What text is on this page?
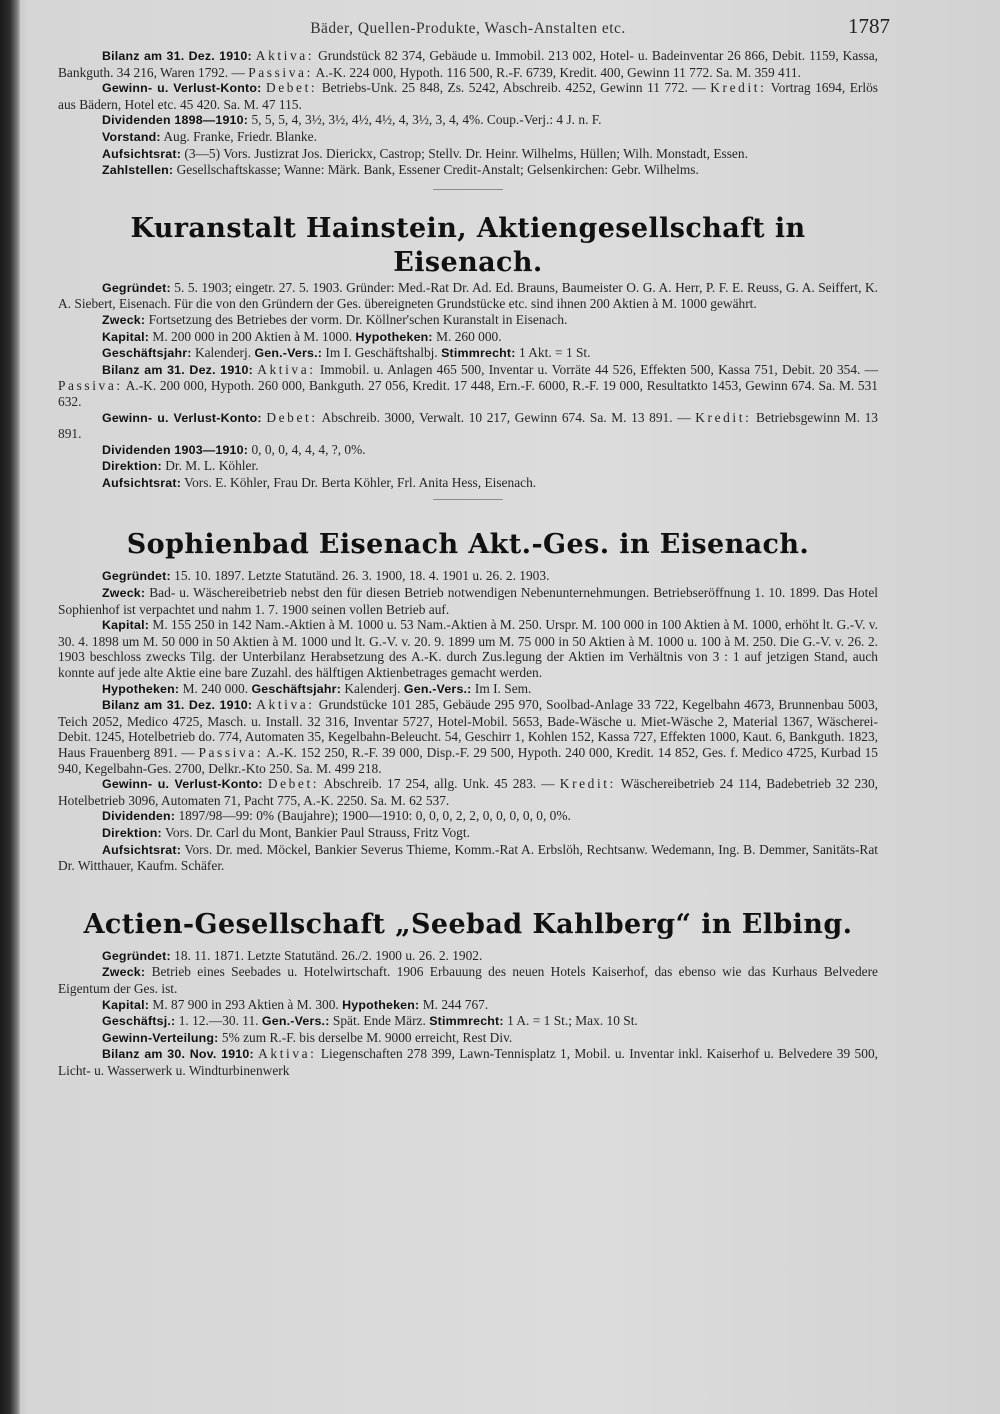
Bäder, Quellen-Produkte, Wasch-Anstalten etc.	1787

Bilanz am 31. Dez. 1910: Aktiva: Grundstück 82 374, Gebäude u. Immobil. 213 002, Hotel- u. Badeinventar 26 866, Debit. 1159, Kassa, Bankguth. 34 216, Waren 1792. — Passiva: A.-K. 224 000, Hypoth. 116 500, R.-F. 6739, Kredit. 400, Gewinn 11 772. Sa. M. 359 411.

Gewinn- u. Verlust-Konto: Debet: Betriebs-Unk. 25 848, Zs. 5242, Abschreib. 4252, Gewinn 11 772. — Kredit: Vortrag 1694, Erlös aus Bädern, Hotel etc. 45 420. Sa. M. 47 115.

Dividenden 1898—1910: 5, 5, 5, 4, 3½, 3½, 4½, 4½, 4, 3½, 3, 4, 4%. Coup.-Verj.: 4 J. n. F.

Vorstand: Aug. Franke, Friedr. Blanke.

Aufsichtsrat: (3—5) Vors. Justizrat Jos. Dierickx, Castrop; Stellv. Dr. Heinr. Wilhelms, Hüllen; Wilh. Monstadt, Essen.

Zahlstellen: Gesellschaftskasse; Wanne: Märk. Bank, Essener Credit-Anstalt; Gelsenkirchen: Gebr. Wilhelms.

Kuranstalt Hainstein, Aktiengesellschaft in Eisenach.

Gegründet: 5. 5. 1903; eingetr. 27. 5. 1903. Gründer: Med.-Rat Dr. Ad. Ed. Brauns, Baumeister O. G. A. Herr, P. F. E. Reuss, G. A. Seiffert, K. A. Siebert, Eisenach. Für die von den Gründern der Ges. übereigneten Grundstücke etc. sind ihnen 200 Aktien à M. 1000 gewährt.

Zweck: Fortsetzung des Betriebes der vorm. Dr. Köllner'schen Kuranstalt in Eisenach.

Kapital: M. 200 000 in 200 Aktien à M. 1000. Hypotheken: M. 260 000.

Geschäftsjahr: Kalenderj. Gen.-Vers.: Im I. Geschäftshalbj. Stimmrecht: 1 Akt. = 1 St.

Bilanz am 31. Dez. 1910: Aktiva: Immobil. u. Anlagen 465 500, Inventar u. Vorräte 44 526, Effekten 500, Kassa 751, Debit. 20 354. — Passiva: A.-K. 200 000, Hypoth. 260 000, Bankguth. 27 056, Kredit. 17 448, Ern.-F. 6000, R.-F. 19 000, Resultatkto 1453, Gewinn 674. Sa. M. 531 632.

Gewinn- u. Verlust-Konto: Debet: Abschreib. 3000, Verwalt. 10 217, Gewinn 674. Sa. M. 13 891. — Kredit: Betriebsgewinn M. 13 891.

Dividenden 1903—1910: 0, 0, 0, 4, 4, 4, ?, 0%.

Direktion: Dr. M. L. Köhler.

Aufsichtsrat: Vors. E. Köhler, Frau Dr. Berta Köhler, Frl. Anita Hess, Eisenach.

Sophienbad Eisenach Akt.-Ges. in Eisenach.

Gegründet: 15. 10. 1897. Letzte Statutänd. 26. 3. 1900, 18. 4. 1901 u. 26. 2. 1903.

Zweck: Bad- u. Wäschereibetrieb nebst den für diesen Betrieb notwendigen Nebenunternehmungen. Betriebseröffnung 1. 10. 1899. Das Hotel Sophienhof ist verpachtet und nahm 1. 7. 1900 seinen vollen Betrieb auf.

Kapital: M. 155 250 in 142 Nam.-Aktien à M. 1000 u. 53 Nam.-Aktien à M. 250. Urspr. M. 100 000 in 100 Aktien à M. 1000, erhöht lt. G.-V. v. 30. 4. 1898 um M. 50 000 in 50 Aktien à M. 1000 und lt. G.-V. v. 20. 9. 1899 um M. 75 000 in 50 Aktien à M. 1000 u. 100 à M. 250. Die G.-V. v. 26. 2. 1903 beschloss zwecks Tilg. der Unterbilanz Herabsetzung des A.-K. durch Zus.legung der Aktien im Verhältnis von 3 : 1 auf jetzigen Stand, auch konnte auf jede alte Aktie eine bare Zuzahl. des hälftigen Aktienbetrages gemacht werden.

Hypotheken: M. 240 000. Geschäftsjahr: Kalenderj. Gen.-Vers.: Im I. Sem.

Bilanz am 31. Dez. 1910: Aktiva: Grundstücke 101 285, Gebäude 295 970, Soolbad-Anlage 33 722, Kegelbahn 4673, Brunnenbau 5003, Teich 2052, Medico 4725, Masch. u. Install. 32 316, Inventar 5727, Hotel-Mobil. 5653, Bade-Wäsche u. Miet-Wäsche 2, Material 1367, Wäscherei-Debit. 1245, Hotelbetrieb do. 774, Automaten 35, Kegelbahn-Beleucht. 54, Geschirr 1, Kohlen 152, Kassa 727, Effekten 1000, Kaut. 6, Bankguth. 1823, Haus Frauenberg 891. — Passiva: A.-K. 152 250, R.-F. 39 000, Disp.-F. 29 500, Hypoth. 240 000, Kredit. 14 852, Ges. f. Medico 4725, Kurbad 15 940, Kegelbahn-Ges. 2700, Delkr.-Kto 250. Sa. M. 499 218.

Gewinn- u. Verlust-Konto: Debet: Abschreib. 17 254, allg. Unk. 45 283. — Kredit: Wäschereibetrieb 24 114, Badebetrieb 32 230, Hotelbetrieb 3096, Automaten 71, Pacht 775, A.-K. 2250. Sa. M. 62 537.

Dividenden: 1897/98—99: 0% (Baujahre); 1900—1910: 0, 0, 0, 2, 2, 0, 0, 0, 0, 0, 0%.

Direktion: Vors. Dr. Carl du Mont, Bankier Paul Strauss, Fritz Vogt.

Aufsichtsrat: Vors. Dr. med. Möckel, Bankier Severus Thieme, Komm.-Rat A. Erbslöh, Rechtsanw. Wedemann, Ing. B. Demmer, Sanitäts-Rat Dr. Witthauer, Kaufm. Schäfer.

Actien-Gesellschaft „Seebad Kahlberg“ in Elbing.

Gegründet: 18. 11. 1871. Letzte Statutänd. 26./2. 1900 u. 26. 2. 1902.

Zweck: Betrieb eines Seebades u. Hotelwirtschaft. 1906 Erbauung des neuen Hotels Kaiserhof, das ebenso wie das Kurhaus Belvedere Eigentum der Ges. ist.

Kapital: M. 87 900 in 293 Aktien à M. 300. Hypotheken: M. 244 767.

Geschäftsj.: 1. 12.—30. 11. Gen.-Vers.: Spät. Ende März. Stimmrecht: 1 A. = 1 St.; Max. 10 St.

Gewinn-Verteilung: 5% zum R.-F. bis derselbe M. 9000 erreicht, Rest Div.

Bilanz am 30. Nov. 1910: Aktiva: Liegenschaften 278 399, Lawn-Tennisplatz 1, Mobil. u. Inventar inkl. Kaiserhof u. Belvedere 39 500, Licht- u. Wasserwerk u. Windturbinenwerk
